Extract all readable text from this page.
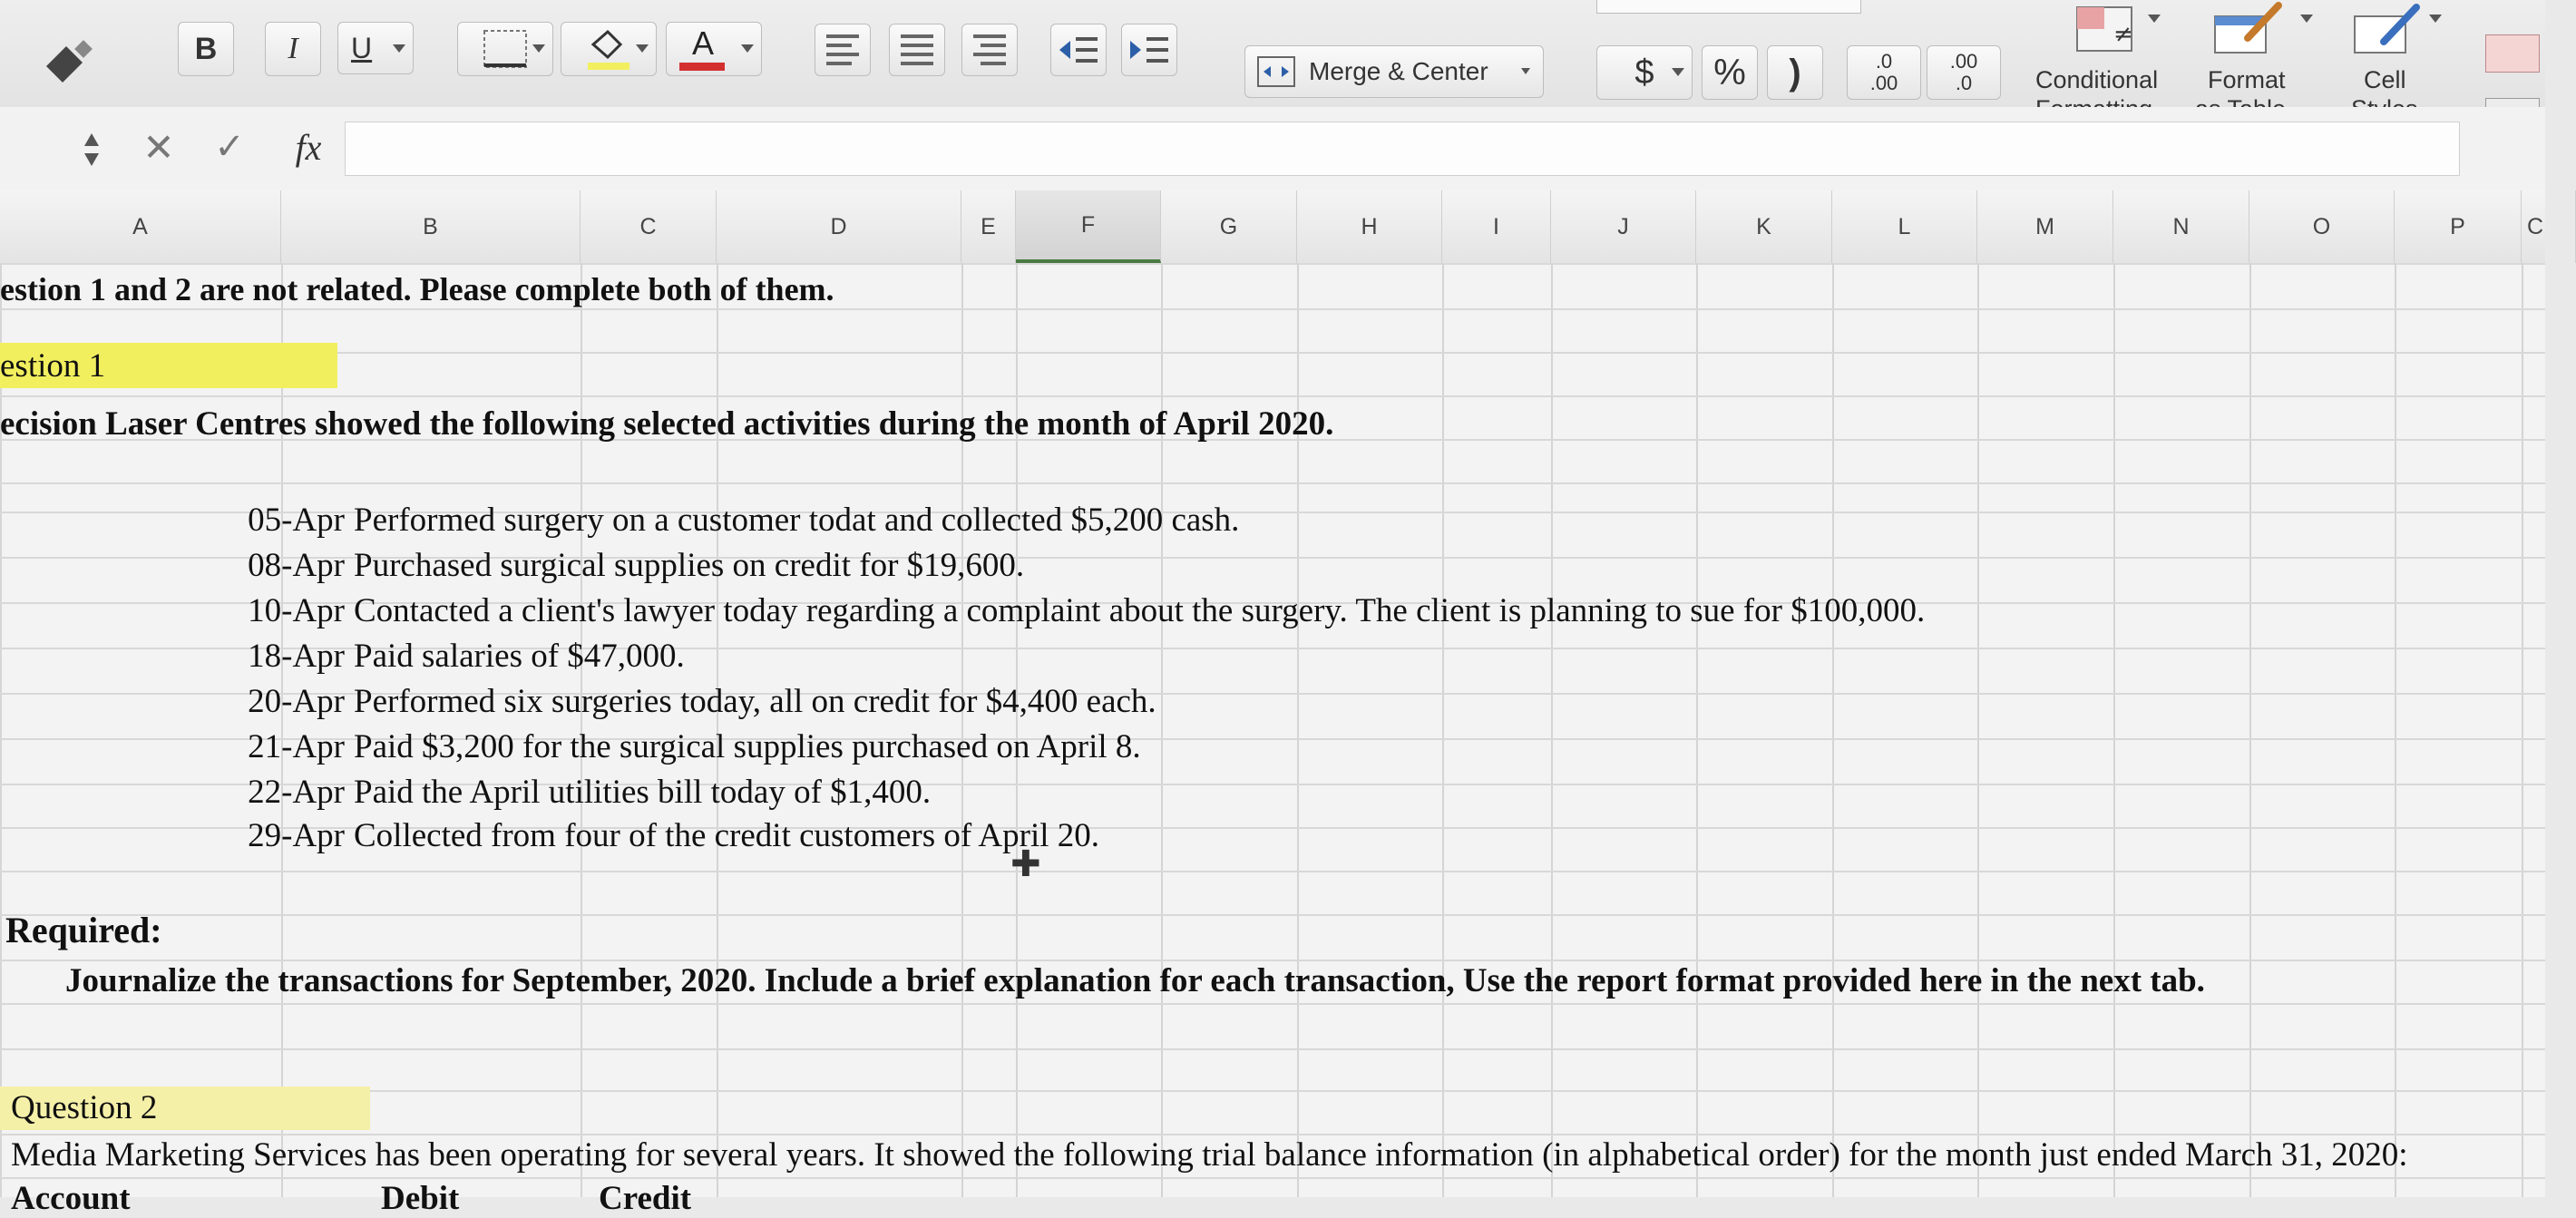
B	I	U	A
Merge & Center	$	%	)	.0
.00
.00
.0
≠
Conditional Format	Cell
✕ ✓	fx
A	B	C	D	E	F	G	H	I	J	K	L	M	N	O	P	C
estion 1 and 2 are not related. Please complete both of them.
estion 1
ecision Laser Centres showed the following selected activities during the month of April 2020.
05-Apr Performed surgery on a customer todat and collected $5,200 cash.
08-Apr Purchased surgical supplies on credit for $19,600.
10-Apr Contacted a client's lawyer today regarding a complaint about the surgery. The client is planning to sue for $100,000.
18-Apr Paid salaries of $47,000.
20-Apr Performed six surgeries today, all on credit for $4,400 each.
21-Apr Paid $3,200 for the surgical supplies purchased on April 8.
22-Apr Paid the April utilities bill today of $1,400.
29-Apr Collected from four of the credit customers of April 20.
✚
Required:
Journalize the transactions for September, 2020. Include a brief explanation for each transaction, Use the report format provided here in the next tab.
Question 2
Media Marketing Services has been operating for several years. It showed the following trial balance information (in alphabetical order) for the month just ended March 31, 2020:
Account	Debit	Credit
